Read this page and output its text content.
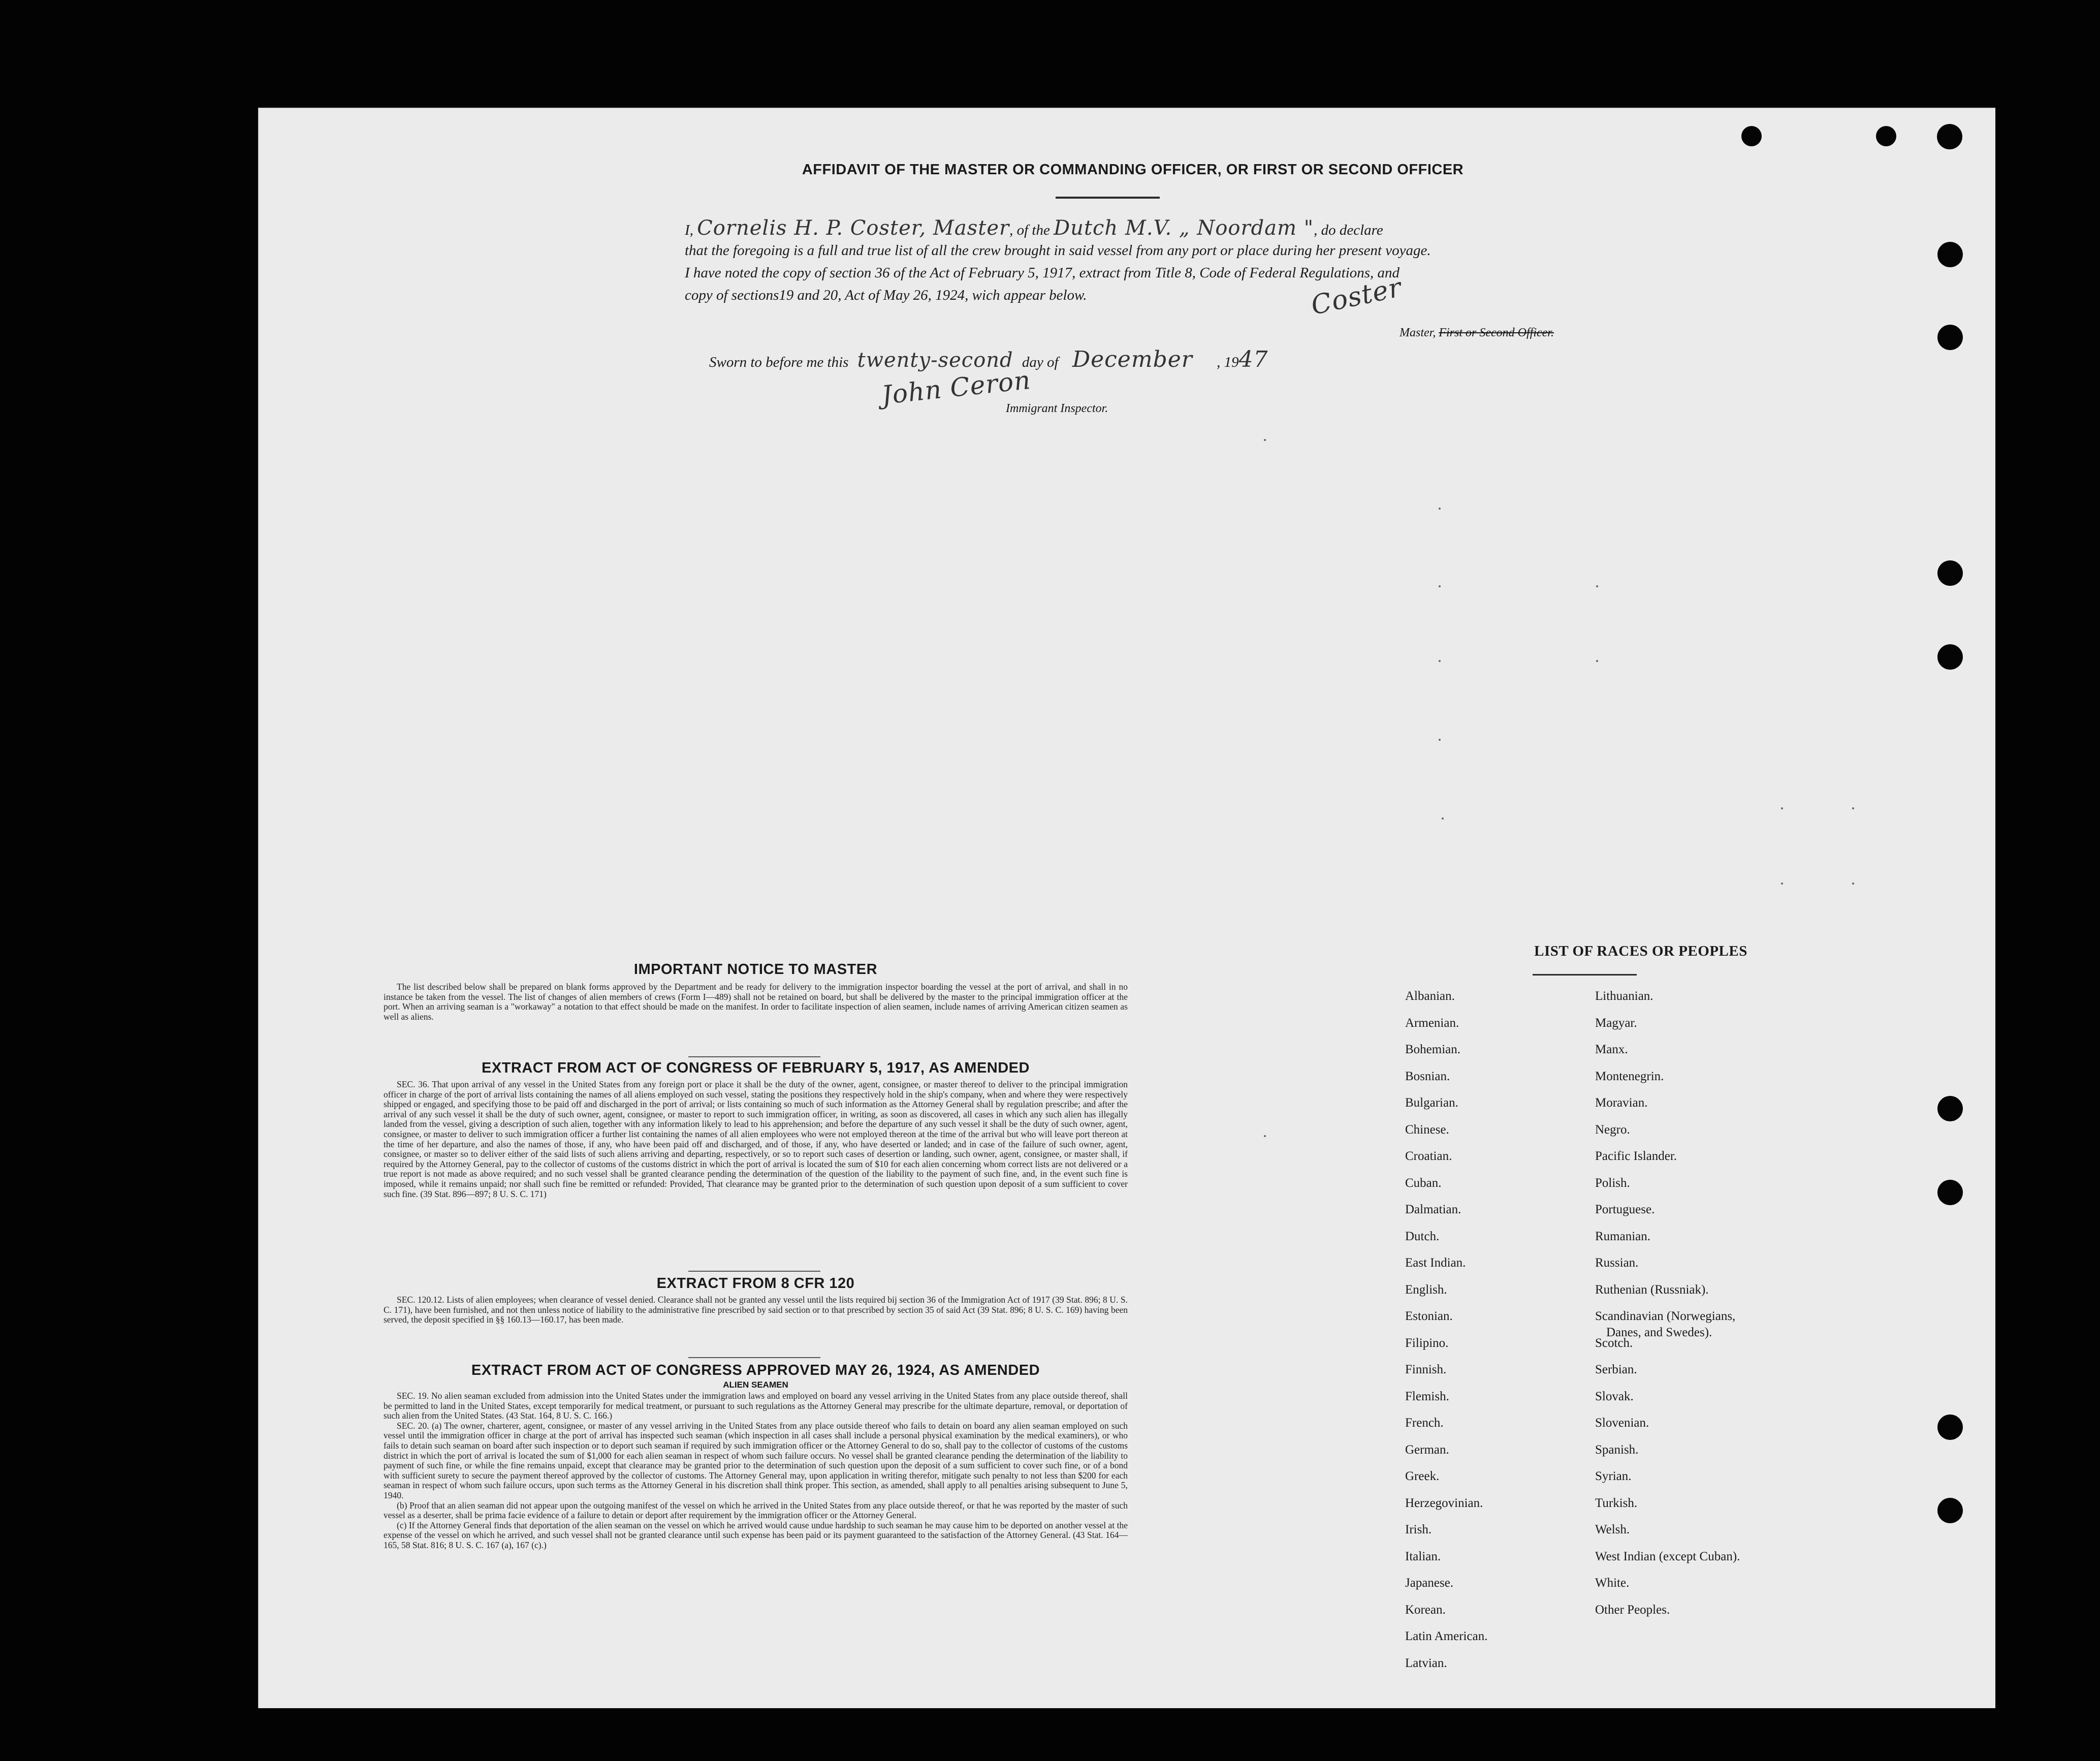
AFFIDAVIT OF THE MASTER OR COMMANDING OFFICER, OR FIRST OR SECOND OFFICER
I, Cornelis H. P. Coster, Master, of the Dutch M.V. „ Noordam ", do declare
that the foregoing is a full and true list of all the crew brought in said vessel from any port or place during her present voyage.
I have noted the copy of section 36 of the Act of February 5, 1917, extract from Title 8, Code of Federal Regulations, and
copy of sections19 and 20, Act of May 26, 1924, wich appear below.	Coster
Master, First or Second Officer.
Sworn to before me this twenty-second day of December , 1947
John Ceron
Immigrant Inspector.
IMPORTANT NOTICE TO MASTER

The list described below shall be prepared on blank forms approved by the Department and be ready for delivery to the immigration inspector boarding the vessel at the port of arrival, and shall in no instance be taken from the vessel. The list of changes of alien members of crews (Form I—489) shall not be retained on board, but shall be delivered by the master to the principal immigration officer at the port. When an arriving seaman is a "workaway" a notation to that effect should be made on the manifest. In order to facilitate inspection of alien seamen, include names of arriving American citizen seamen as well as aliens.

EXTRACT FROM ACT OF CONGRESS OF FEBRUARY 5, 1917, AS AMENDED

SEC. 36. That upon arrival of any vessel in the United States from any foreign port or place it shall be the duty of the owner, agent, consignee, or master thereof to deliver to the principal immigration officer in charge of the port of arrival lists containing the names of all aliens employed on such vessel, stating the positions they respectively hold in the ship's company, when and where they were respectively shipped or engaged, and specifying those to be paid off and discharged in the port of arrival; or lists containing so much of such information as the Attorney General shall by regulation prescribe; and after the arrival of any such vessel it shall be the duty of such owner, agent, consignee, or master to report to such immigration officer, in writing, as soon as discovered, all cases in which any such alien has illegally landed from the vessel, giving a description of such alien, together with any information likely to lead to his apprehension; and before the departure of any such vessel it shall be the duty of such owner, agent, consignee, or master to deliver to such immigration officer a further list containing the names of all alien employees who were not employed thereon at the time of the arrival but who will leave port thereon at the time of her departure, and also the names of those, if any, who have been paid off and discharged, and of those, if any, who have deserted or landed; and in case of the failure of such owner, agent, consignee, or master so to deliver either of the said lists of such aliens arriving and departing, respectively, or so to report such cases of desertion or landing, such owner, agent, consignee, or master shall, if required by the Attorney General, pay to the collector of customs of the customs district in which the port of arrival is located the sum of $10 for each alien concerning whom correct lists are not delivered or a true report is not made as above required; and no such vessel shall be granted clearance pending the determination of the question of the liability to the payment of such fine, and, in the event such fine is imposed, while it remains unpaid; nor shall such fine be remitted or refunded: Provided, That clearance may be granted prior to the determination of such question upon deposit of a sum sufficient to cover such fine. (39 Stat. 896—897; 8 U. S. C. 171)

EXTRACT FROM 8 CFR 120

SEC. 120.12. Lists of alien employees; when clearance of vessel denied. Clearance shall not be granted any vessel until the lists required bij section 36 of the Immigration Act of 1917 (39 Stat. 896; 8 U. S. C. 171), have been furnished, and not then unless notice of liability to the administrative fine prescribed by said section or to that prescribed by section 35 of said Act (39 Stat. 896; 8 U. S. C. 169) having been served, the deposit specified in §§ 160.13—160.17, has been made.

EXTRACT FROM ACT OF CONGRESS APPROVED MAY 26, 1924, AS AMENDED
ALIEN SEAMEN

SEC. 19. No alien seaman excluded from admission into the United States under the immigration laws and employed on board any vessel arriving in the United States from any place outside thereof, shall be permitted to land in the United States, except temporarily for medical treatment, or pursuant to such regulations as the Attorney General may prescribe for the ultimate departure, removal, or deportation of such alien from the United States. (43 Stat. 164, 8 U. S. C. 166.)

SEC. 20. (a) The owner, charterer, agent, consignee, or master of any vessel arriving in the United States from any place outside thereof who fails to detain on board any alien seaman employed on such vessel until the immigration officer in charge at the port of arrival has inspected such seaman (which inspection in all cases shall include a personal physical examination by the medical examiners), or who fails to detain such seaman on board after such inspection or to deport such seaman if required by such immigration officer or the Attorney General to do so, shall pay to the collector of customs of the customs district in which the port of arrival is located the sum of $1,000 for each alien seaman in respect of whom such failure occurs. No vessel shall be granted clearance pending the determination of the liability to payment of such fine, or while the fine remains unpaid, except that clearance may be granted prior to the determination of such question upon the deposit of a sum sufficient to cover such fine, or of a bond with sufficient surety to secure the payment thereof approved by the collector of customs. The Attorney General may, upon application in writing therefor, mitigate such penalty to not less than $200 for each seaman in respect of whom such failure occurs, upon such terms as the Attorney General in his discretion shall think proper. This section, as amended, shall apply to all penalties arising subsequent to June 5, 1940.

(b) Proof that an alien seaman did not appear upon the outgoing manifest of the vessel on which he arrived in the United States from any place outside thereof, or that he was reported by the master of such vessel as a deserter, shall be prima facie evidence of a failure to detain or deport after requirement by the immigration officer or the Attorney General.

(c) If the Attorney General finds that deportation of the alien seaman on the vessel on which he arrived would cause undue hardship to such seaman he may cause him to be deported on another vessel at the expense of the vessel on which he arrived, and such vessel shall not be granted clearance until such expense has been paid or its payment guaranteed to the satisfaction of the Attorney General. (43 Stat. 164—165, 58 Stat. 816; 8 U. S. C. 167 (a), 167 (c).)

LIST OF RACES OR PEOPLES
Albanian.
Armenian.
Bohemian.
Bosnian.
Bulgarian.
Chinese.
Croatian.
Cuban.
Dalmatian.
Dutch.
East Indian.
English.
Estonian.
Filipino.
Finnish.
Flemish.
French.
German.
Greek.
Herzegovinian.
Irish.
Italian.
Japanese.
Korean.
Latin American.
Latvian.
Lithuanian.
Magyar.
Manx.
Montenegrin.
Moravian.
Negro.
Pacific Islander.
Polish.
Portuguese.
Rumanian.
Russian.
Ruthenian (Russniak).
Scandinavian (Norwegians,
Danes, and Swedes).
Scotch.
Serbian.
Slovak.
Slovenian.
Spanish.
Syrian.
Turkish.
Welsh.
West Indian (except Cuban).
White.
Other Peoples.
